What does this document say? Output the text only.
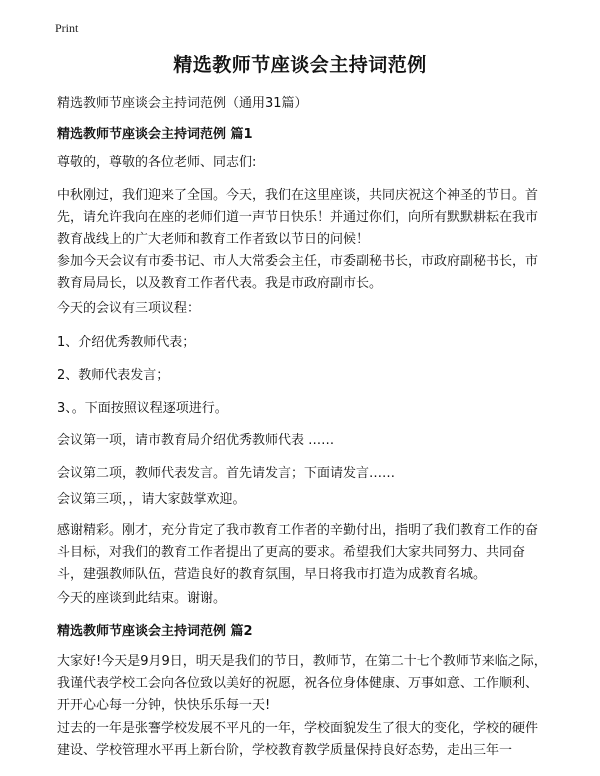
Print
精选教师节座谈会主持词范例
精选教师节座谈会主持词范例（通用31篇）
精选教师节座谈会主持词范例 篇1
尊敬的，尊敬的各位老师、同志们:
中秋刚过，我们迎来了全国。今天，我们在这里座谈，共同庆祝这个神圣的节日。首先，请允许我向在座的老师们道一声节日快乐！并通过你们，向所有默默耕耘在我市教育战线上的广大老师和教育工作者致以节日的问候！
参加今天会议有市委书记、市人大常委会主任，市委副秘书长，市政府副秘书长，市教育局局长，以及教育工作者代表。我是市政府副市长。
今天的会议有三项议程：
1、介绍优秀教师代表；
2、教师代表发言；
3、。下面按照议程逐项进行。
会议第一项，请市教育局介绍优秀教师代表 ……
会议第二项，教师代表发言。首先请发言；下面请发言……
会议第三项，，请大家鼓掌欢迎。
感谢精彩。刚才，充分肯定了我市教育工作者的辛勤付出，指明了我们教育工作的奋斗目标，对我们的教育工作者提出了更高的要求。希望我们大家共同努力、共同奋斗，建强教师队伍，营造良好的教育氛围，早日将我市打造为成教育名城。
今天的座谈到此结束。谢谢。
精选教师节座谈会主持词范例 篇2
大家好!今天是9月9日，明天是我们的节日，教师节，在第二十七个教师节来临之际，我谨代表学校工会向各位致以美好的祝愿，祝各位身体健康、万事如意、工作顺利、开开心心每一分钟，快快乐乐每一天!
过去的一年是张謇学校发展不平凡的一年，学校面貌发生了很大的变化，学校的硬件建设、学校管理水平再上新台阶，学校教育教学质量保持良好态势，走出三年一
